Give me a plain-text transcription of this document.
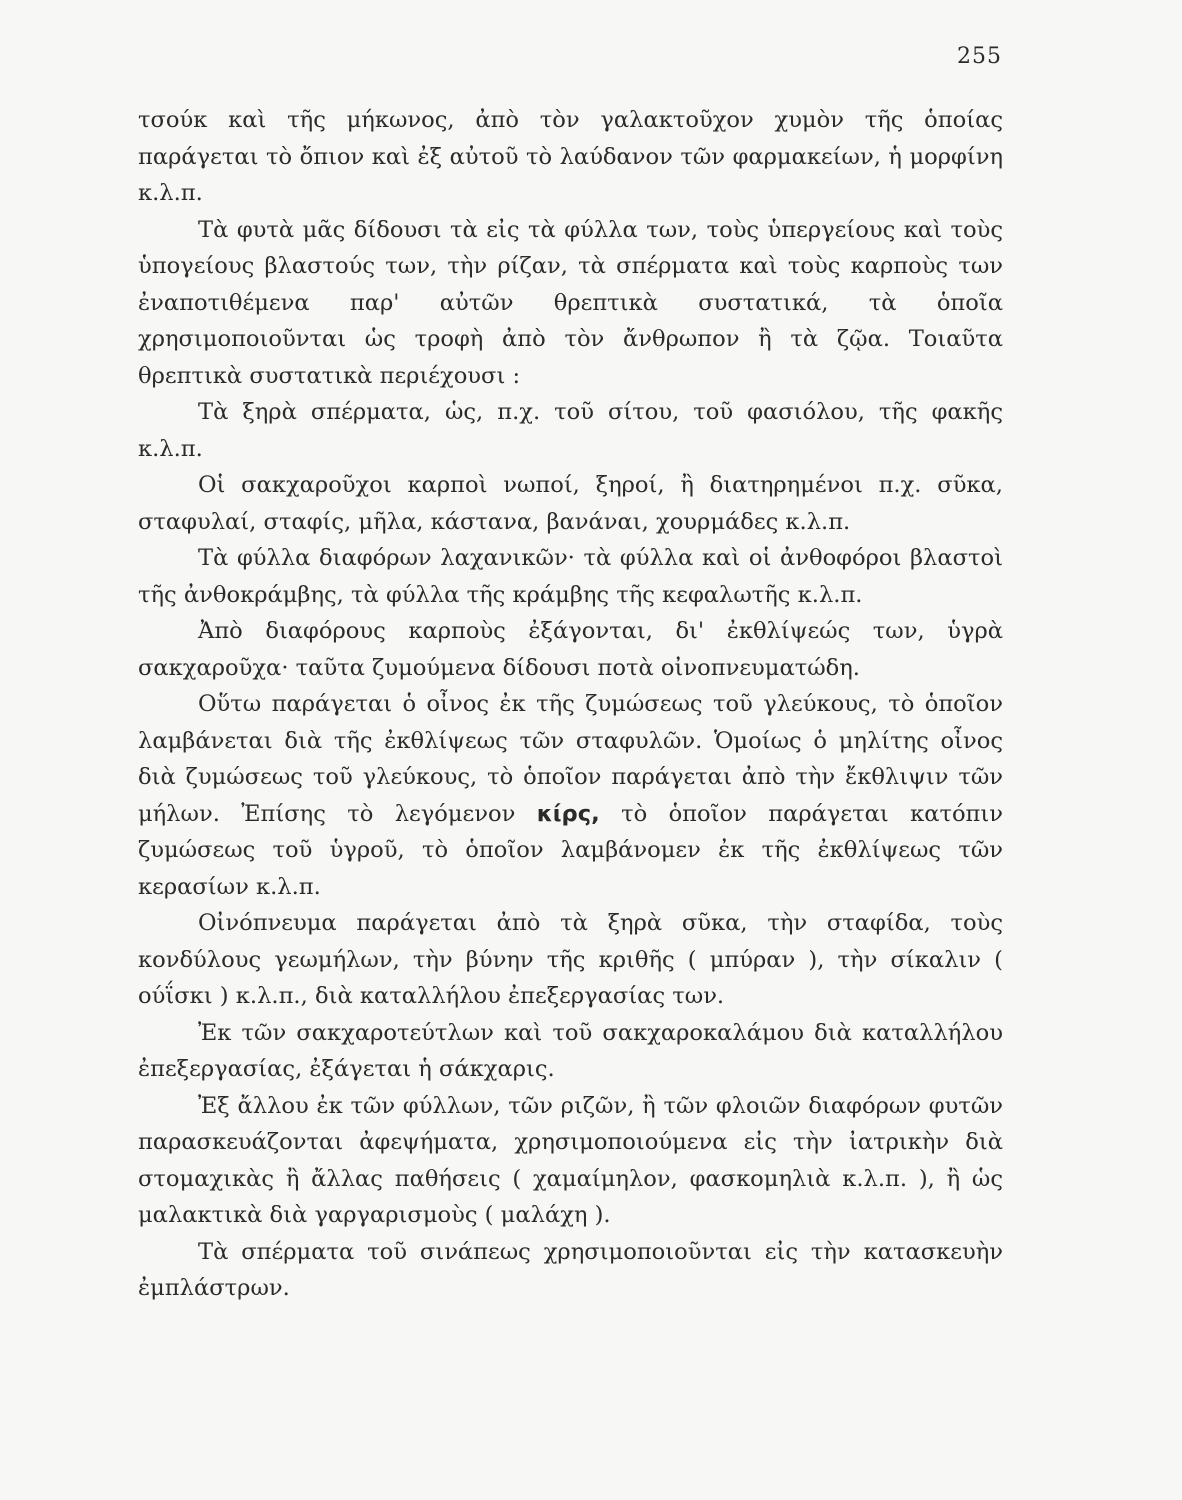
255

τσούκ καὶ τῆς μήκωνος, ἀπὸ τὸν γαλακτοῦχον χυμὸν τῆς ὁποίας παράγεται τὸ ὄπιον καὶ ἐξ αὐτοῦ τὸ λαύδανον τῶν φαρμακείων, ἡ μορφίνη κ.λ.π.

Τὰ φυτὰ μᾶς δίδουσι τὰ εἰς τὰ φύλλα των, τοὺς ὑπεργείους καὶ τοὺς ὑπογείους βλαστούς των, τὴν ρίζαν, τὰ σπέρματα καὶ τοὺς καρποὺς των ἐναποτιθέμενα παρ' αὐτῶν θρεπτικὰ συστατικά, τὰ ὁποῖα χρησιμοποιοῦνται ὡς τροφὴ ἀπὸ τὸν ἄνθρωπον ἢ τὰ ζῷα. Τοιαῦτα θρεπτικὰ συστατικὰ περιέχουσι :

Τὰ ξηρὰ σπέρματα, ὡς, π.χ. τοῦ σίτου, τοῦ φασιόλου, τῆς φακῆς κ.λ.π.

Οἱ σακχαροῦχοι καρποὶ νωποί, ξηροί, ἢ διατηρημένοι π.χ. σῦκα, σταφυλαί, σταφίς, μῆλα, κάστανα, βανάναι, χουρμάδες κ.λ.π.

Τὰ φύλλα διαφόρων λαχανικῶν· τὰ φύλλα καὶ οἱ ἀνθοφόροι βλαστοὶ τῆς ἀνθοκράμβης, τὰ φύλλα τῆς κράμβης τῆς κεφαλωτῆς κ.λ.π.

Ἀπὸ διαφόρους καρποὺς ἐξάγονται, δι' ἐκθλίψεώς των, ὑγρὰ σακχαροῦχα· ταῦτα ζυμούμενα δίδουσι ποτὰ οἰνοπνευματώδη.

Οὕτω παράγεται ὁ οἶνος ἐκ τῆς ζυμώσεως τοῦ γλεύκους, τὸ ὁποῖον λαμβάνεται διὰ τῆς ἐκθλίψεως τῶν σταφυλῶν. Ὁμοίως ὁ μηλίτης οἶνος διὰ ζυμώσεως τοῦ γλεύκους, τὸ ὁποῖον παράγεται ἀπὸ τὴν ἔκθλιψιν τῶν μήλων. Ἐπίσης τὸ λεγόμενον κίρς, τὸ ὁποῖον παράγεται κατόπιν ζυμώσεως τοῦ ὑγροῦ, τὸ ὁποῖον λαμβάνομεν ἐκ τῆς ἐκθλίψεως τῶν κερασίων κ.λ.π.

Οἰνόπνευμα παράγεται ἀπὸ τὰ ξηρὰ σῦκα, τὴν σταφίδα, τοὺς κονδύλους γεωμήλων, τὴν βύνην τῆς κριθῆς ( μπύραν ), τὴν σίκαλιν ( ούΐσκι ) κ.λ.π., διὰ καταλλήλου ἐπεξεργασίας των.

Ἐκ τῶν σακχαροτεύτλων καὶ τοῦ σακχαροκαλάμου διὰ καταλλήλου ἐπεξεργασίας, ἐξάγεται ἡ σάκχαρις.

Ἐξ ἄλλου ἐκ τῶν φύλλων, τῶν ριζῶν, ἢ τῶν φλοιῶν διαφόρων φυτῶν παρασκευάζονται ἀφεψήματα, χρησιμοποιούμενα εἰς τὴν ἰατρικὴν διὰ στομαχικὰς ἢ ἄλλας παθήσεις ( χαμαίμηλον, φασκομηλιὰ κ.λ.π. ), ἢ ὡς μαλακτικὰ διὰ γαργαρισμοὺς ( μαλάχη ).

Τὰ σπέρματα τοῦ σινάπεως χρησιμοποιοῦνται εἰς τὴν κατασκευὴν ἐμπλάστρων.
